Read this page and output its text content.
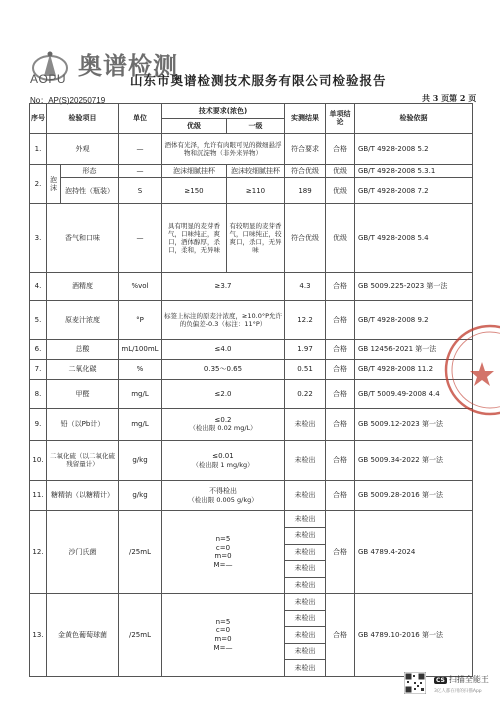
奥谱检测
AOPU	山东市奥谱检测技术服务有限公司检验报告
No：AP(S)20250719	共 3 页第 2 页
序号	检验项目		单位	技术要求(浓色)		实测结果	单项结论	检验依据
				优级	一级			
1.	外观		—	酒体有光泽，允许有肉眼可见的微细悬浮物和沉淀物（非外来异物）		符合要求	合格	GB/T 4928-2008 5.2
2.	泡沫	形态	—	泡沫细腻挂杯	泡沫较细腻挂杯	符合优级	优级	GB/T 4928-2008 5.3.1
		泡持性（瓶装）	S	≥150	≥110	189	优级	GB/T 4928-2008 7.2
3.	香气和口味		—	具有明显的麦芽香气，口味纯正，爽口，酒体醇厚，杀口，柔和，无异味	有较明显的麦芽香气，口味纯正，较爽口，杀口，无异味	符合优级	优级	GB/T 4928-2008 5.4
4.	酒精度		%vol	≥3.7		4.3	合格	GB 5009.225-2023 第一法
5.	原麦汁浓度		°P	标签上标注的原麦汁浓度，≥10.0°P允许的负偏差-0.3（标注：11°P）		12.2	合格	GB/T 4928-2008 9.2
6.	总酸		mL/100mL	≤4.0		1.97	合格	GB 12456-2021 第一法
7.	二氧化碳		%	0.35～0.65		0.51	合格	GB/T 4928-2008 11.2
8.	甲醛		mg/L	≤2.0		0.22	合格	GB/T 5009.49-2008 4.4
9.	铅（以Pb计）		mg/L	≤0.2
（检出限 0.02 mg/L）		未检出	合格	GB 5009.12-2023 第一法
10.	二氧化硫（以二氧化硫残留量计）		g/kg	≤0.01
（检出限 1 mg/kg）		未检出	合格	GB 5009.34-2022 第一法
11.	糖精钠（以糖精计）		g/kg	不得检出
（检出限 0.005 g/kg）		未检出	合格	GB 5009.28-2016 第一法
12.	沙门氏菌		/25mL	n=5
c=0
m=0
M=—		未检出	合格	GB 4789.4-2024
						未检出		
						未检出		
						未检出		
						未检出		
13.	金黄色葡萄球菌		/25mL	n=5
c=0
m=0
M=—		未检出	合格	GB 4789.10-2016 第一法
						未检出		
						未检出		
						未检出		
						未检出		
CS 扫描全能王
3亿人都在用的扫描App
